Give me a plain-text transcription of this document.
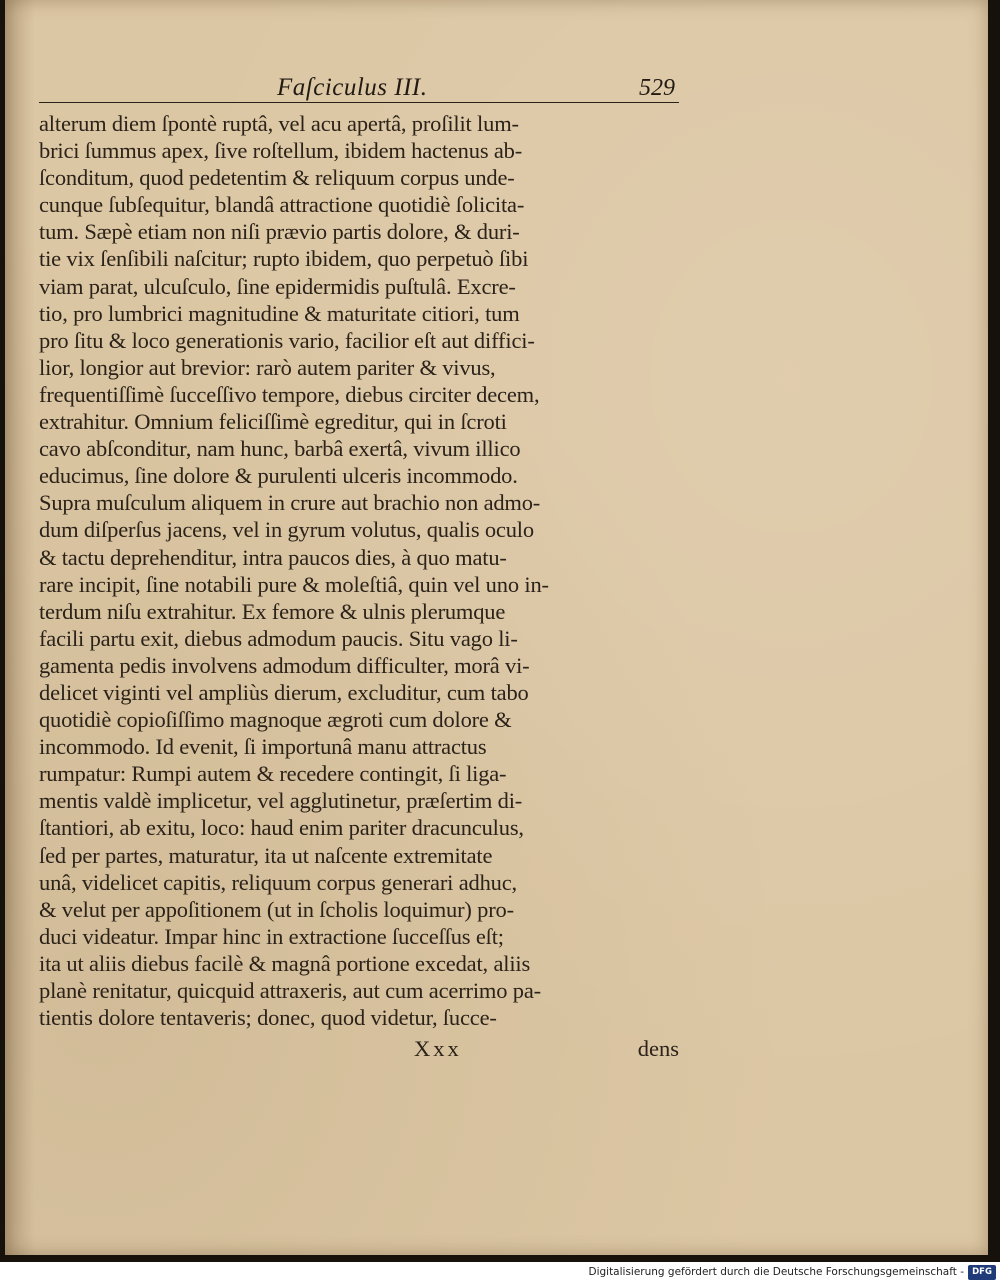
Faſciculus III.	529
alterum diem ſpontè ruptâ, vel acu apertâ, proſilit lum-
brici ſummus apex, ſive roſtellum, ibidem hactenus ab-
ſconditum, quod pedetentim & reliquum corpus unde-
cunque ſubſequitur, blandâ attractione quotidiè ſolicita-
tum. Sæpè etiam non niſi prævio partis dolore, & duri-
tie vix ſenſibili naſcitur; rupto ibidem, quo perpetuò ſibi
viam parat, ulcuſculo, ſine epidermidis puſtulâ. Excre-
tio, pro lumbrici magnitudine & maturitate citiori, tum
pro ſitu & loco generationis vario, facilior eſt aut diffici-
lior, longior aut brevior: rarò autem pariter & vivus,
frequentiſſimè ſucceſſivo tempore, diebus circiter decem,
extrahitur. Omnium feliciſſimè egreditur, qui in ſcroti
cavo abſconditur, nam hunc, barbâ exertâ, vivum illico
educimus, ſine dolore & purulenti ulceris incommodo.
Supra muſculum aliquem in crure aut brachio non admo-
dum diſperſus jacens, vel in gyrum volutus, qualis oculo
& tactu deprehenditur, intra paucos dies, à quo matu-
rare incipit, ſine notabili pure & moleſtiâ, quin vel uno in-
terdum niſu extrahitur. Ex femore & ulnis plerumque
facili partu exit, diebus admodum paucis. Situ vago li-
gamenta pedis involvens admodum difficulter, morâ vi-
delicet viginti vel ampliùs dierum, excluditur, cum tabo
quotidiè copioſiſſimo magnoque ægroti cum dolore &
incommodo. Id evenit, ſi importunâ manu attractus
rumpatur: Rumpi autem & recedere contingit, ſi liga-
mentis valdè implicetur, vel agglutinetur, præſertim di-
ſtantiori, ab exitu, loco: haud enim pariter dracunculus,
ſed per partes, maturatur, ita ut naſcente extremitate
unâ, videlicet capitis, reliquum corpus generari adhuc,
& velut per appoſitionem (ut in ſcholis loquimur) pro-
duci videatur. Impar hinc in extractione ſucceſſus eſt;
ita ut aliis diebus facilè & magnâ portione excedat, aliis
planè renitatur, quicquid attraxeris, aut cum acerrimo pa-
tientis dolore tentaveris; donec, quod videtur, ſucce-
Xxx	dens
Digitalisierung gefördert durch die Deutsche Forschungsgemeinschaft - DFG
